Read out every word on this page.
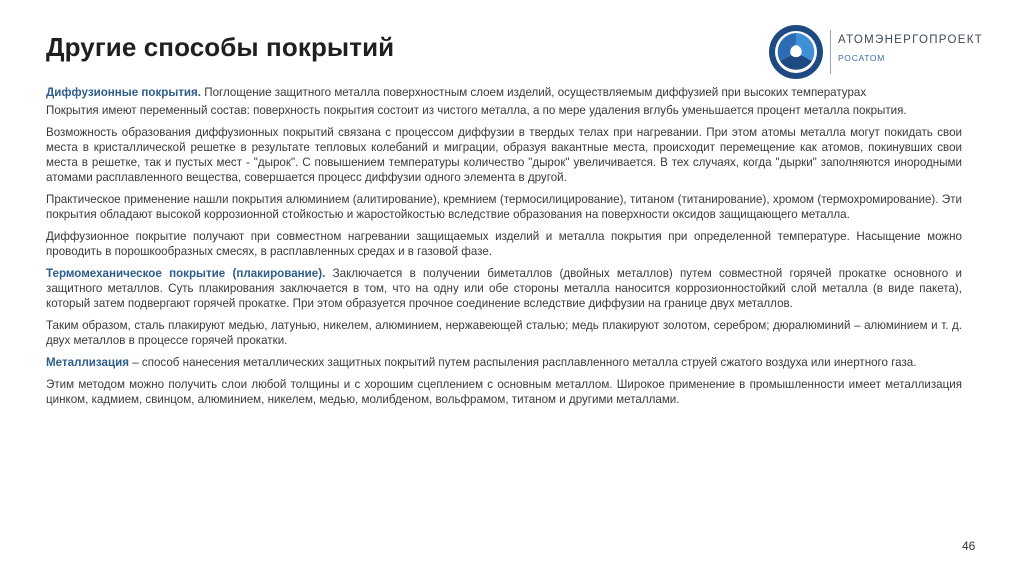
Другие способы покрытий	АТОМЭНЕРГОПРОЕКТ
РОСАТОМ

Диффузионные покрытия. Поглощение защитного металла поверхностным слоем изделий, осуществляемым диффузией при высоких температурах

Покрытия имеют переменный состав: поверхность покрытия состоит из чистого металла, а по мере удаления вглубь уменьшается процент металла покрытия.

Возможность образования диффузионных покрытий связана с процессом диффузии в твердых телах при нагревании. При этом атомы металла могут покидать свои места в кристаллической решетке в результате тепловых колебаний и миграции, образуя вакантные места, происходит перемещение как атомов, покинувших свои места в решетке, так и пустых мест - "дырок". С повышением температуры количество "дырок" увеличивается. В тех случаях, когда "дырки" заполняются инородными атомами расплавленного вещества, совершается процесс диффузии одного элемента в другой.

Практическое применение нашли покрытия алюминием (алитирование), кремнием (термосилицирование), титаном (титанирование), хромом (термохромирование). Эти покрытия обладают высокой коррозионной стойкостью и жаростойкостью вследствие образования на поверхности оксидов защищающего металла.

Диффузионное покрытие получают при совместном нагревании защищаемых изделий и металла покрытия при определенной температуре. Насыщение можно проводить в порошкообразных смесях, в расплавленных средах и в газовой фазе.

Термомеханическое покрытие (плакирование). Заключается в получении биметаллов (двойных металлов) путем совместной горячей прокатке основного и защитного металлов. Суть плакирования заключается в том, что на одну или обе стороны металла наносится коррозионностойкий слой металла (в виде пакета), который затем подвергают горячей прокатке. При этом образуется прочное соединение вследствие диффузии на границе двух металлов.

Таким образом, сталь плакируют медью, латунью, никелем, алюминием, нержавеющей сталью; медь плакируют золотом, серебром; дюралюминий – алюминием и т. д. двух металлов в процессе горячей прокатки.

Металлизация – способ нанесения металлических защитных покрытий путем распыления расплавленного металла струей сжатого воздуха или инертного газа.

Этим методом можно получить слои любой толщины и с хорошим сцеплением с основным металлом. Широкое применение в промышленности имеет металлизация цинком, кадмием, свинцом, алюминием, никелем, медью, молибденом, вольфрамом, титаном и другими металлами.

46
